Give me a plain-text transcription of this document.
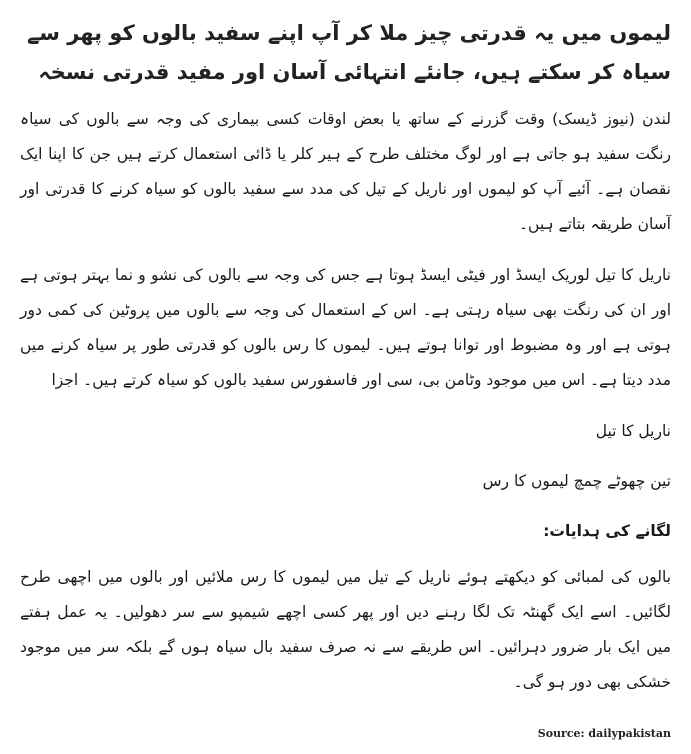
لیموں میں یہ قدرتی چیز ملا کر آپ اپنے سفید بالوں کو پھر سے سیاہ کر سکتے ہیں، جانئے انتہائی آسان اور مفید قدرتی نسخہ

لندن (نیوز ڈیسک) وقت گزرنے کے ساتھ یا بعض اوقات کسی بیماری کی وجہ سے بالوں کی سیاہ رنگت سفید ہو جاتی ہے اور لوگ مختلف طرح کے ہیر کلر یا ڈائی استعمال کرتے ہیں جن کا اپنا ایک نقصان ہے۔ آئیے آپ کو لیموں اور ناریل کے تیل کی مدد سے سفید بالوں کو سیاہ کرنے کا قدرتی اور آسان طریقہ بتاتے ہیں۔

ناریل کا تیل لوریک ایسڈ اور فیٹی ایسڈ ہوتا ہے جس کی وجہ سے بالوں کی نشو و نما بہتر ہوتی ہے اور ان کی رنگت بھی سیاہ رہتی ہے۔ اس کے استعمال کی وجہ سے بالوں میں پروٹین کی کمی دور ہوتی ہے اور وہ مضبوط اور توانا ہوتے ہیں۔ لیموں کا رس بالوں کو قدرتی طور پر سیاہ کرنے میں مدد دیتا ہے۔ اس میں موجود وٹامن بی، سی اور فاسفورس سفید بالوں کو سیاہ کرتے ہیں۔ اجزا

ناریل کا تیل

تین چھوٹے چمچ لیموں کا رس

لگانے کی ہدایات:

بالوں کی لمبائی کو دیکھتے ہوئے ناریل کے تیل میں لیموں کا رس ملائیں اور بالوں میں اچھی طرح لگائیں۔ اسے ایک گھنٹہ تک لگا رہنے دیں اور پھر کسی اچھے شیمپو سے سر دھولیں۔ یہ عمل ہفتے میں ایک بار ضرور دہرائیں۔ اس طریقے سے نہ صرف سفید بال سیاہ ہوں گے بلکہ سر میں موجود خشکی بھی دور ہو گی۔

Source: dailypakistan
